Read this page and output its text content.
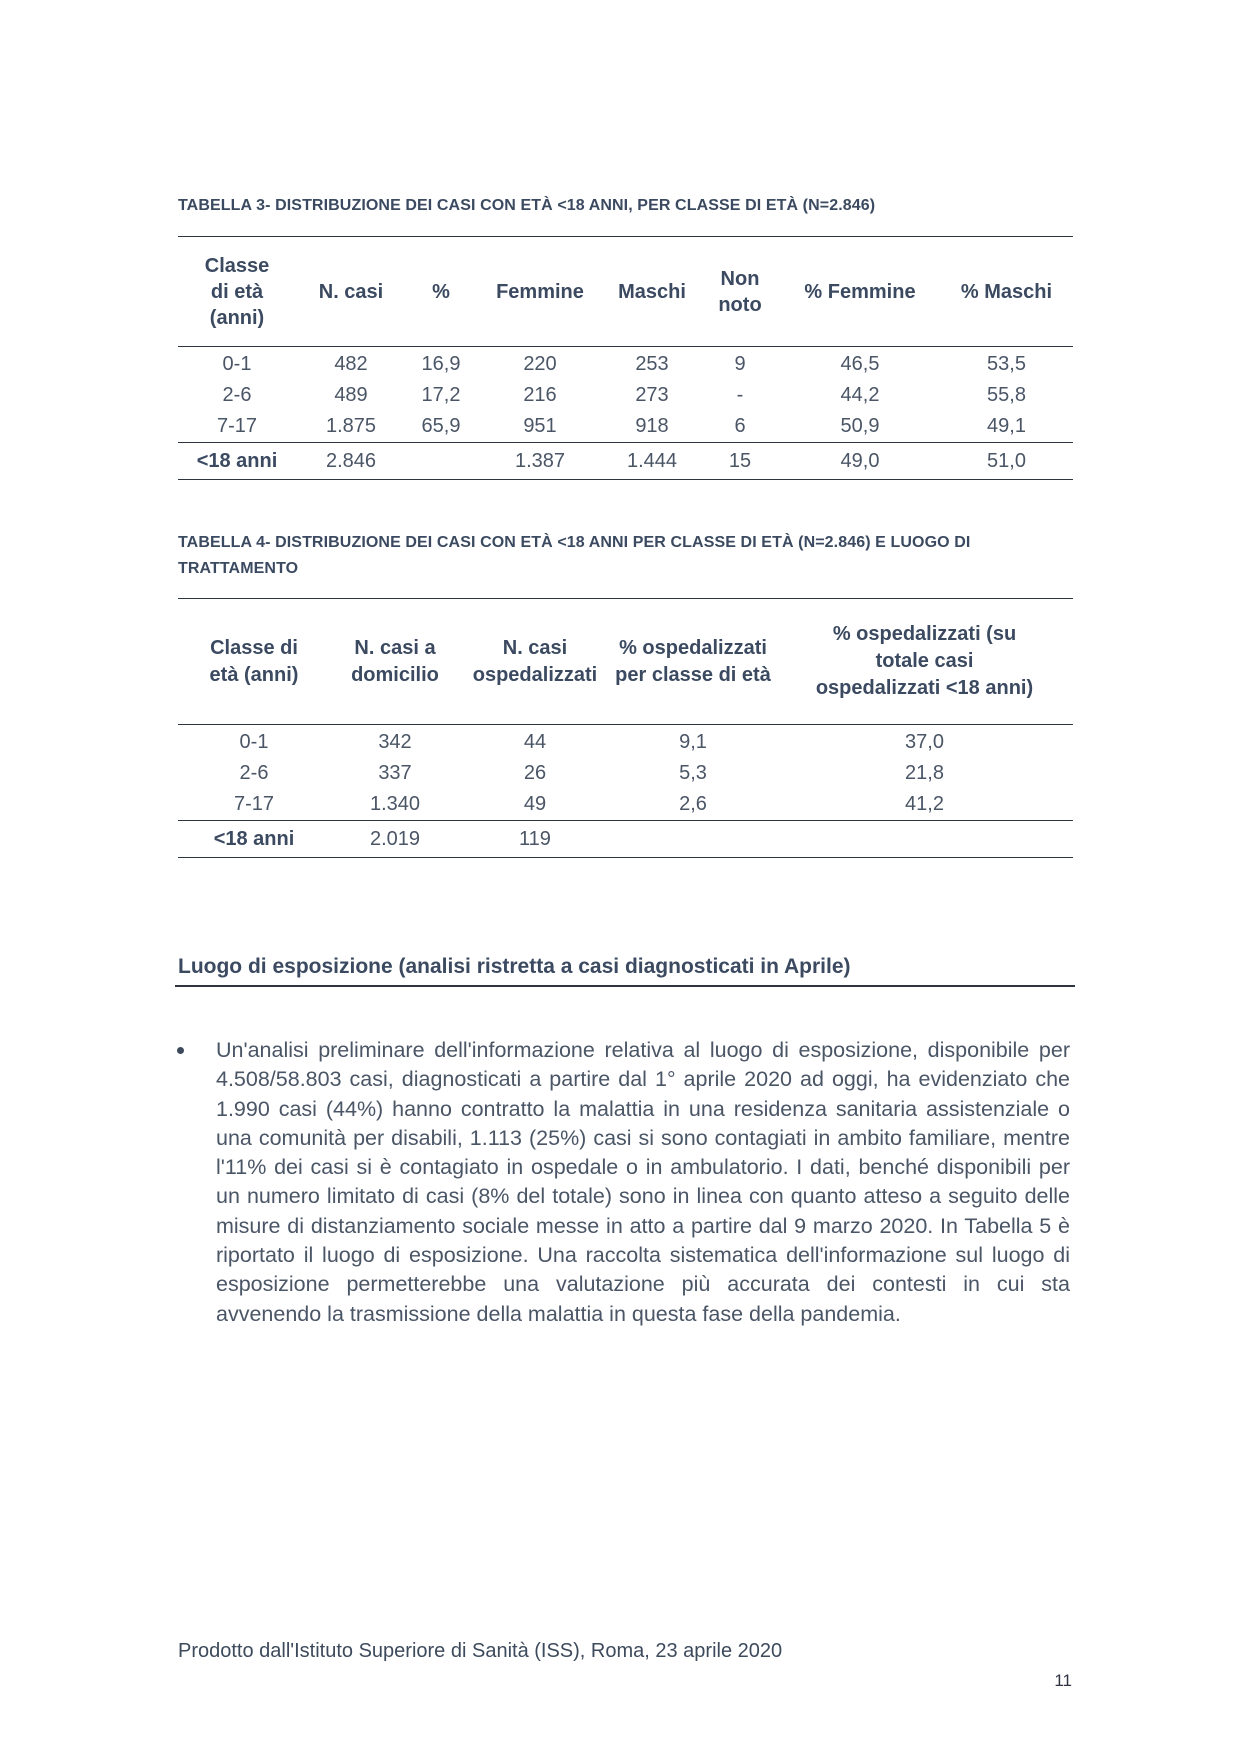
TABELLA 3- DISTRIBUZIONE DEI CASI CON ETÀ <18 ANNI, PER CLASSE DI ETÀ (N=2.846)
Classe di età (anni)	N. casi	%	Femmine	Maschi	Non noto	% Femmine	% Maschi
0-1	482	16,9	220	253	9	46,5	53,5
2-6	489	17,2	216	273	-	44,2	55,8
7-17	1.875	65,9	951	918	6	50,9	49,1
<18 anni	2.846		1.387	1.444	15	49,0	51,0
TABELLA 4- DISTRIBUZIONE DEI CASI CON ETÀ <18 ANNI PER CLASSE DI ETÀ (N=2.846) E LUOGO DI TRATTAMENTO
Classe di età (anni)	N. casi a domicilio	N. casi ospedalizzati	% ospedalizzati per classe di età	% ospedalizzati (su totale casi ospedalizzati <18 anni)
0-1	342	44	9,1	37,0
2-6	337	26	5,3	21,8
7-17	1.340	49	2,6	41,2
<18 anni	2.019	119		
Luogo di esposizione (analisi ristretta a casi diagnosticati in Aprile)
Un'analisi preliminare dell'informazione relativa al luogo di esposizione, disponibile per 4.508/58.803 casi, diagnosticati a partire dal 1° aprile 2020 ad oggi, ha evidenziato che 1.990 casi (44%) hanno contratto la malattia in una residenza sanitaria assistenziale o una comunità per disabili, 1.113 (25%) casi si sono contagiati in ambito familiare, mentre l'11% dei casi si è contagiato in ospedale o in ambulatorio. I dati, benché disponibili per un numero limitato di casi (8% del totale) sono in linea con quanto atteso a seguito delle misure di distanziamento sociale messe in atto a partire dal 9 marzo 2020. In Tabella 5 è riportato il luogo di esposizione. Una raccolta sistematica dell'informazione sul luogo di esposizione permetterebbe una valutazione più accurata dei contesti in cui sta avvenendo la trasmissione della malattia in questa fase della pandemia.
Prodotto dall'Istituto Superiore di Sanità (ISS), Roma, 23 aprile 2020
11
